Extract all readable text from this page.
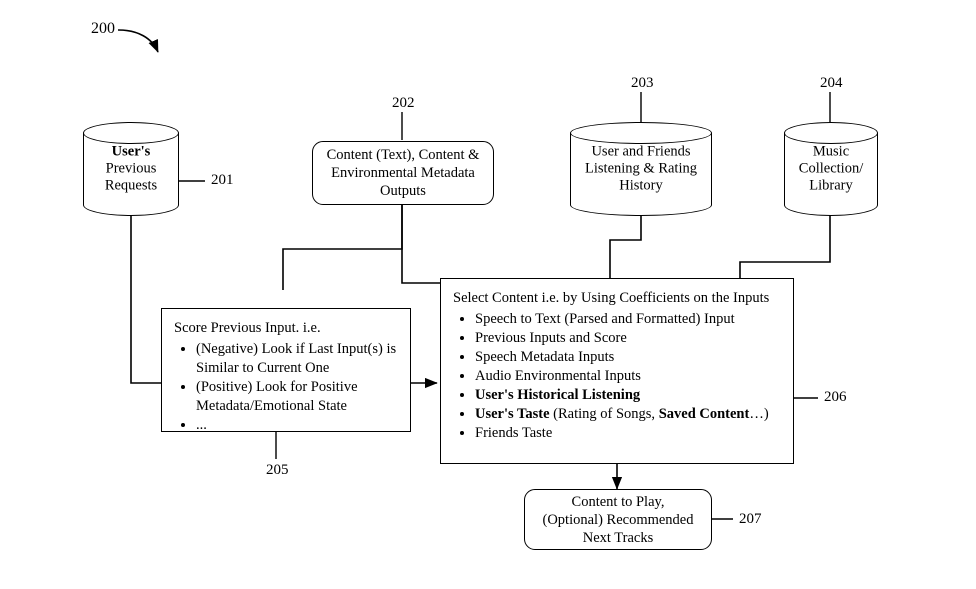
200
User's
Previous
Requests	201
Content (Text), Content & Environmental Metadata Outputs
202
User and Friends
Listening & Rating
History
203
Music
Collection/
Library
204
Score Previous Input. i.e.
• (Negative) Look if Last Input(s) is Similar to Current One
• (Positive) Look for Positive Metadata/Emotional State
• ...
205
Select Content i.e. by Using Coefficients on the Inputs
• Speech to Text (Parsed and Formatted) Input
• Previous Inputs and Score
• Speech Metadata Inputs
• Audio Environmental Inputs
• User's Historical Listening
• User's Taste (Rating of Songs, Saved Content…)
• Friends Taste
206
Content to Play,
(Optional) Recommended
Next Tracks
207
